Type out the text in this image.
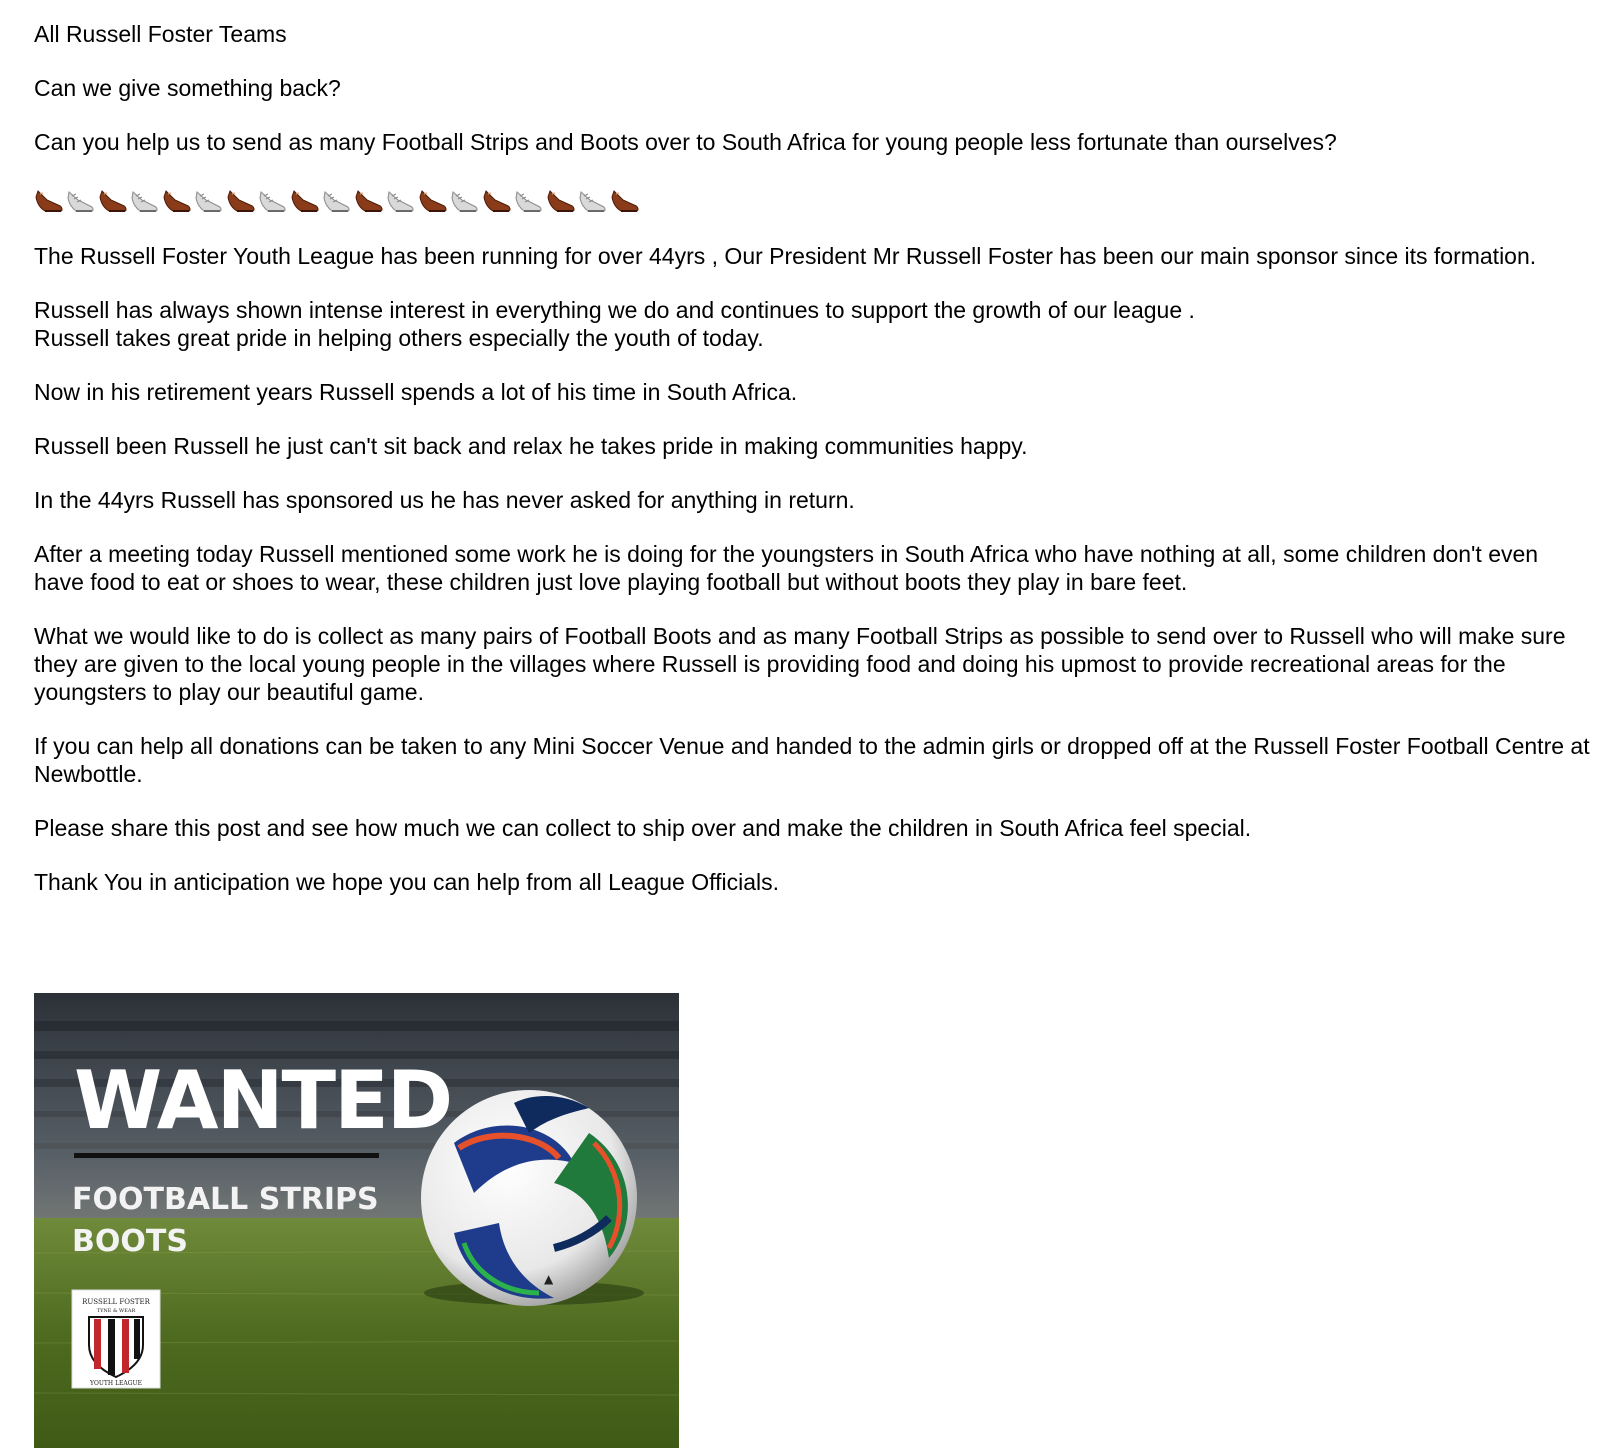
All Russell Foster Teams

Can we give something back?

Can you help us to send as many Football Strips and Boots over to South Africa for young people less fortunate than ourselves?

The Russell Foster Youth League has been running for over 44yrs , Our President Mr Russell Foster has been our main sponsor since its formation.

Russell has always shown intense interest in everything we do and continues to support the growth of our league .
Russell takes great pride in helping others especially the youth of today.

Now in his retirement years Russell spends a lot of his time in South Africa.

Russell been Russell he just can't sit back and relax he takes pride in making communities happy.

In the 44yrs Russell has sponsored us he has never asked for anything in return.

After a meeting today Russell mentioned some work he is doing for the youngsters in South Africa who have nothing at all, some children don't even have food to eat or shoes to wear, these children just love playing football but without boots they play in bare feet.

What we would like to do is collect as many pairs of Football Boots and as many Football Strips as possible to send over to Russell who will make sure they are given to the local young people in the villages where Russell is providing food and doing his upmost to provide recreational areas for the youngsters to play our beautiful game.

If you can help all donations can be taken to any Mini Soccer Venue and handed to the admin girls or dropped off at the Russell Foster Football Centre at Newbottle.

Please share this post and see how much we can collect to ship over and make the children in South Africa feel special.

Thank You in anticipation we hope you can help from all League Officials.

WANTED
FOOTBALL STRIPS
BOOTS
▲
RUSSELL FOSTER
TYNE & WEAR
YOUTH LEAGUE
